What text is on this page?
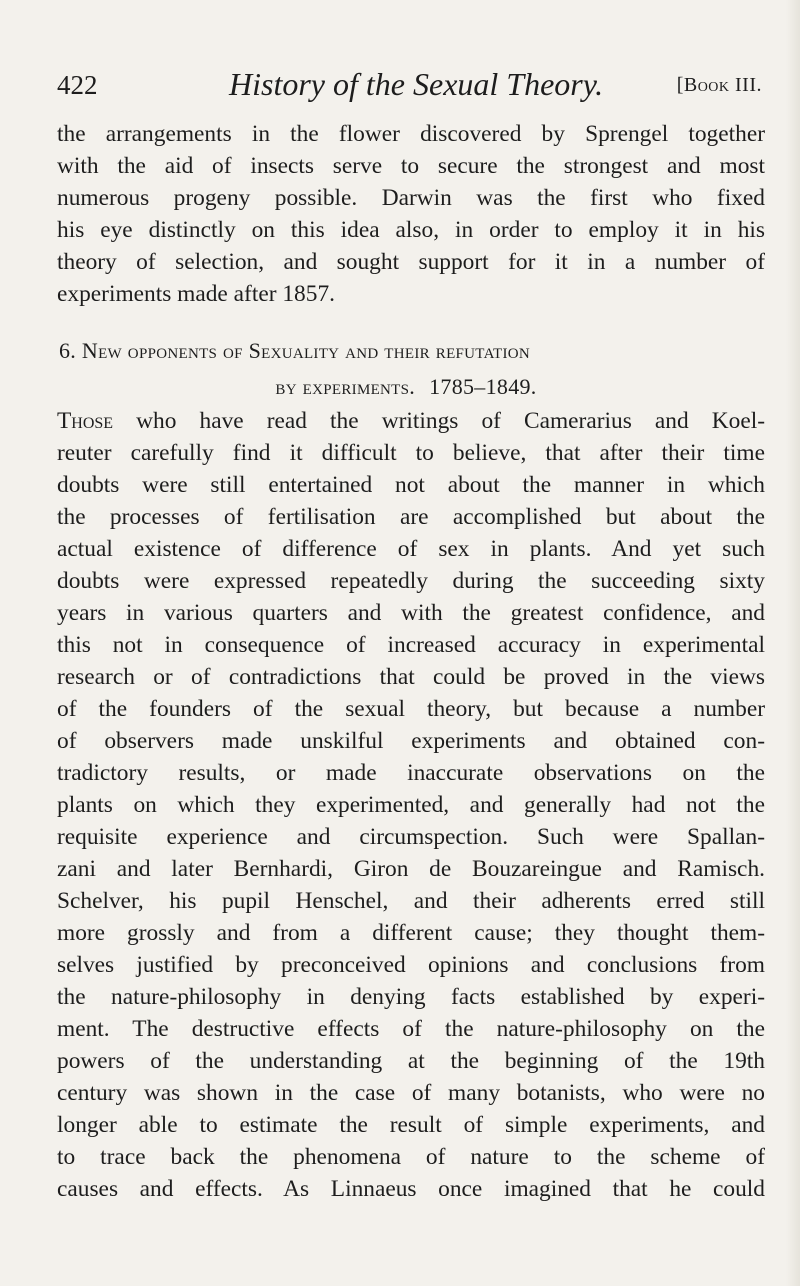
422	History of the Sexual Theory.	[Book III.
the arrangements in the flower discovered by Sprengel together
with the aid of insects serve to secure the strongest and most
numerous progeny possible. Darwin was the first who fixed
his eye distinctly on this idea also, in order to employ it in his
theory of selection, and sought support for it in a number of
experiments made after 1857.
6. New opponents of Sexuality and their refutation
by experiments. 1785–1849.
Those who have read the writings of Camerarius and Koel-
reuter carefully find it difficult to believe, that after their time
doubts were still entertained not about the manner in which
the processes of fertilisation are accomplished but about the
actual existence of difference of sex in plants. And yet such
doubts were expressed repeatedly during the succeeding sixty
years in various quarters and with the greatest confidence, and
this not in consequence of increased accuracy in experimental
research or of contradictions that could be proved in the views
of the founders of the sexual theory, but because a number
of observers made unskilful experiments and obtained con-
tradictory results, or made inaccurate observations on the
plants on which they experimented, and generally had not the
requisite experience and circumspection. Such were Spallan-
zani and later Bernhardi, Giron de Bouzareingue and Ramisch.
Schelver, his pupil Henschel, and their adherents erred still
more grossly and from a different cause; they thought them-
selves justified by preconceived opinions and conclusions from
the nature-philosophy in denying facts established by experi-
ment. The destructive effects of the nature-philosophy on the
powers of the understanding at the beginning of the 19th
century was shown in the case of many botanists, who were no
longer able to estimate the result of simple experiments, and
to trace back the phenomena of nature to the scheme of
causes and effects. As Linnaeus once imagined that he could
